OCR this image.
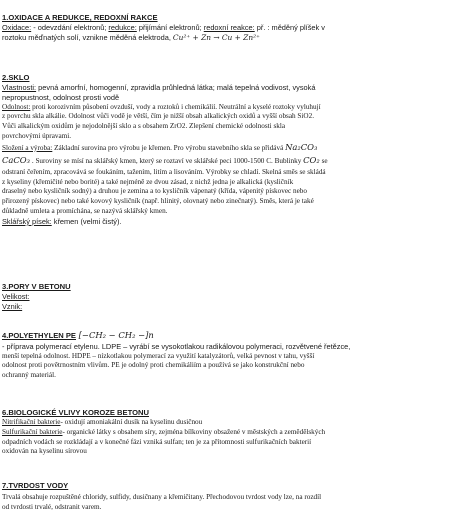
1.OXIDACE A REDUKCE, REDOXNÍ RAKCE
Oxidace: - odevzdání elektronů; redukce: přijímání elektronů; redoxní reakce: př. : měděný plíšek v
roztoku měďnatých solí, vznikne měděná elektroda, Cu²⁺ + Zn → Cu + Zn²⁺
2.SKLO
Vlastnosti: pevná amorfní, homogenní, zpravidla průhledná látka; malá tepelná vodivost, vysoká
nepropustnost, odolnost prosti vodě
Odolnost: proti korozivním působení ovzduší, vody a roztoků i chemikálií. Neutrální a kyselé roztoky vyluhují
z povrchu skla alkálie. Odolnost vůči vodě je větší, čím je nižší obsah alkalických oxidů a vyšší obsah SiO2.
Vůči alkalickým oxidům je nejodolnější sklo a s obsahem ZrO2. Zlepšení chemické odolnosti skla
povrchovými úpravami.
Složení a výroba: Základní surovina pro výrobu je křemen. Pro výrobu stavebního skla se přidává Na₂CO₃
CaCO₃ . Suroviny se mísí na sklářský kmen, který se roztaví ve sklářské peci 1000-1500 C. Bublinky CO₂ se
odstraní čeřením, zpracovává se foukáním, tažením, litím a lisováním. Výrobky se chladí. Skelná směs se skládá
z kyseliny (křemičité nebo borité) a také nejméně ze dvou zásad, z nichž jedna je alkalická (kysličník
draselný nebo kysličník sodný) a druhou je zemina a to kysličník vápenatý (křída, vápenitý pískovec nebo
přirozený pískovec) nebo také kovový kysličník (např. hlinitý, olovnatý nebo zinečnatý). Směs, která je také
důkladně umleta a promíchána, se nazývá sklářský kmen.
Sklářský písek: křemen (velmi čistý).
3.PORY V BETONU
Velikost:
Vznik:
4.POLYETHYLEN PE [−CH₂ − CH₂ −]n
- příprava polymerací etylenu. LDPE – vyrábí se vysokotlakou radikálovou polymeraci, rozvětvené řetězce,
menší tepelná odolnost. HDPE – nízkotlakou polymerací za využití katalyzátorů, velká pevnost v tahu, vyšší
odolnost proti povětrnostním vlivům. PE je odolný proti chemikáliím a používá se jako konstrukční nebo
ochranný materiál.
6.BIOLOGICKÉ VLIVY KOROZE BETONU
Nitrifikační bakterie- oxidují amoniakální dusík na kyselinu dusičnou
Sulfurikační bakterie- organické látky s obsahem síry, zejména bílkoviny obsažené v městských a zemědělských
odpadních vodách se rozkládají a v konečné fázi vzniká sulfan; ten je za přítomnosti sulfurikačních bakterií
oxidován na kyselinu sírovou
7.TVRDOST VODY
Trvalá obsahuje rozpuštěné chloridy, sulfidy, dusičnany a křemičitany. Přechodovou tvrdost vody lze, na rozdíl
od tvrdosti trvalé, odstranit varem.
